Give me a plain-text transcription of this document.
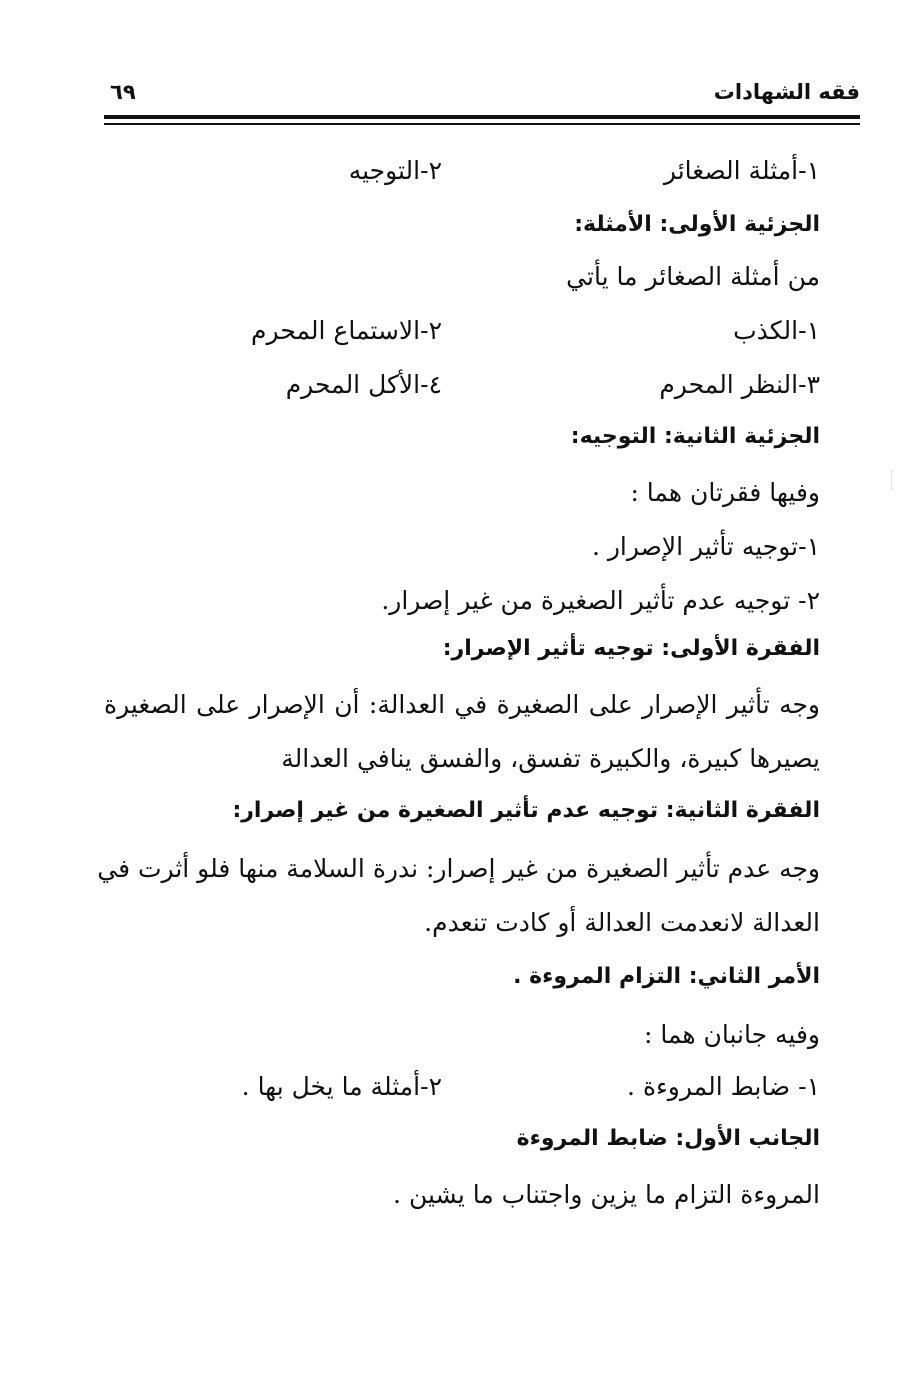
فقه الشهادات
٦٩
١-أمثلة الصغائر
٢-التوجيه
الجزئية الأولى: الأمثلة:
من أمثلة الصغائر ما يأتي
١-الكذب
٢-الاستماع المحرم
٣-النظر المحرم
٤-الأكل المحرم
الجزئية الثانية: التوجيه:
وفيها فقرتان هما :
١-توجيه تأثير الإصرار .
٢- توجيه عدم تأثير الصغيرة من غير إصرار.
الفقرة الأولى: توجيه تأثير الإصرار:
وجه تأثير الإصرار على الصغيرة في العدالة: أن الإصرار على الصغيرة
يصيرها كبيرة، والكبيرة تفسق، والفسق ينافي العدالة
الفقرة الثانية: توجيه عدم تأثير الصغيرة من غير إصرار:
وجه عدم تأثير الصغيرة من غير إصرار: ندرة السلامة منها فلو أثرت في
العدالة لانعدمت العدالة أو كادت تنعدم.
الأمر الثاني: التزام المروءة .
وفيه جانبان هما :
١- ضابط المروءة .
٢-أمثلة ما يخل بها .
الجانب الأول: ضابط المروءة
المروءة التزام ما يزين واجتناب ما يشين .
